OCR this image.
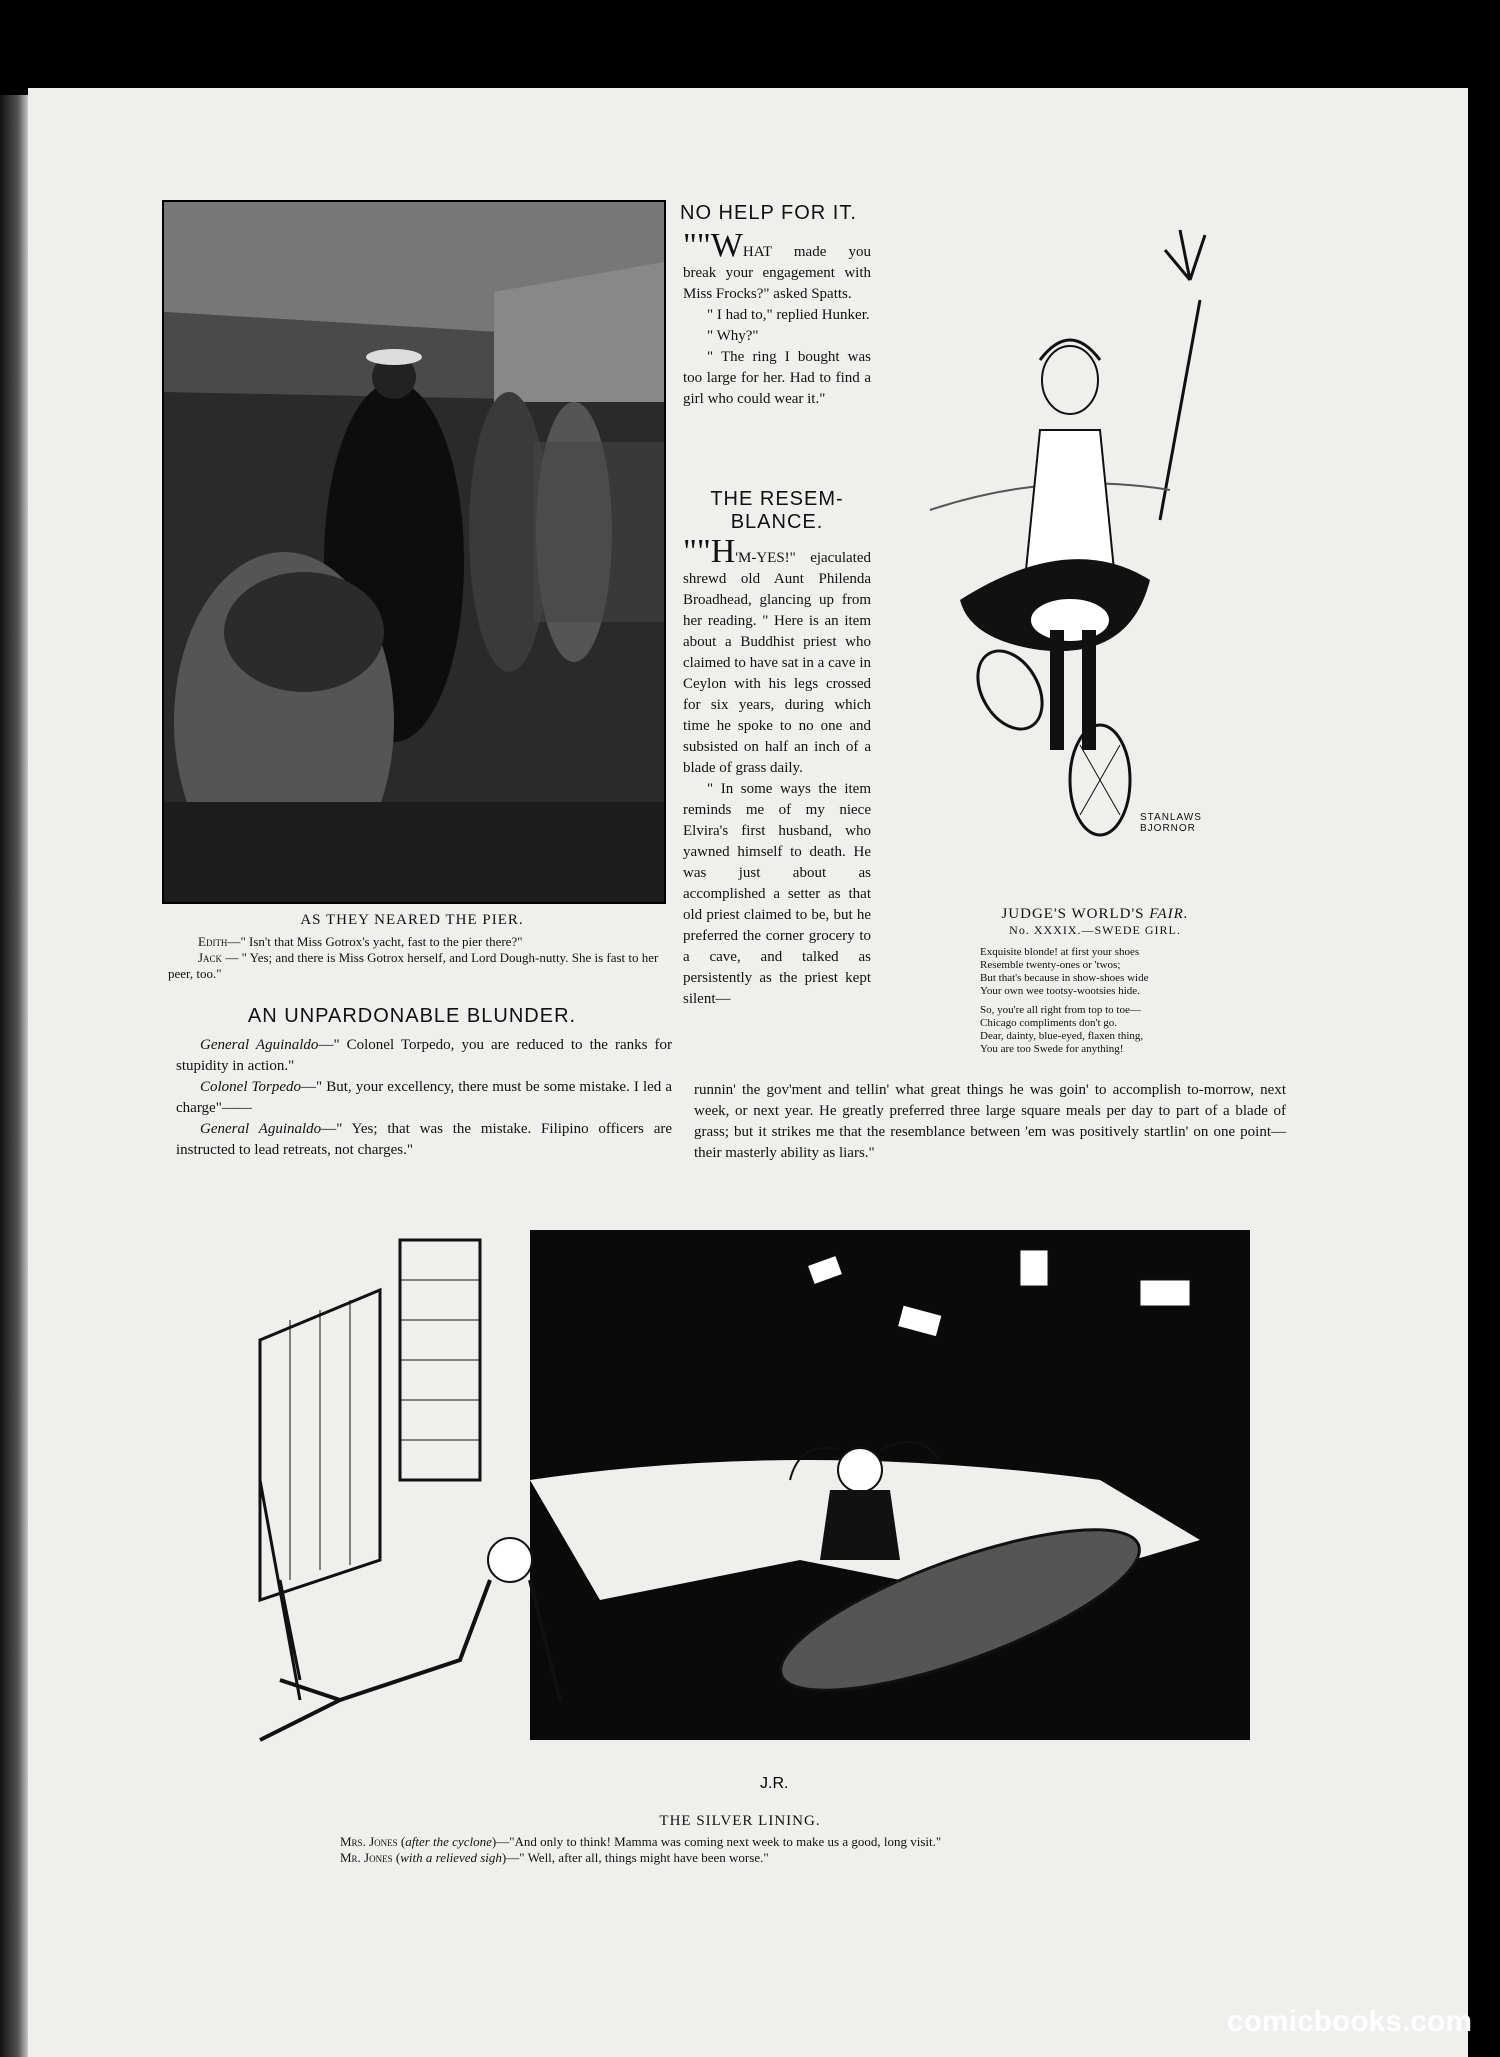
AS THEY NEARED THE PIER.
Edith—" Isn't that Miss Gotrox's yacht, fast to the pier there?"
Jack — " Yes; and there is Miss Gotrox herself, and Lord Dough-nutty. She is fast to her peer, too."
AN UNPARDONABLE BLUNDER.

General Aguinaldo—" Colonel Torpedo, you are reduced to the ranks for stupidity in action."

Colonel Torpedo—" But, your excellency, there must be some mistake. I led a charge"——

General Aguinaldo—" Yes; that was the mistake. Filipino officers are instructed to lead retreats, not charges."

NO HELP FOR IT.

""WHAT made you break your engagement with Miss Frocks?" asked Spatts.

" I had to," replied Hunker.

" Why?"

" The ring I bought was too large for her. Had to find a girl who could wear it."

THE RESEM-
BLANCE.

""H'M-YES!" ejaculated shrewd old Aunt Philenda Broadhead, glancing up from her reading. " Here is an item about a Buddhist priest who claimed to have sat in a cave in Ceylon with his legs crossed for six years, during which time he spoke to no one and subsisted on half an inch of a blade of grass daily.

" In some ways the item reminds me of my niece Elvira's first husband, who yawned himself to death. He was just about as accomplished a setter as that old priest claimed to be, but he preferred the corner grocery to a cave, and talked as persistently as the priest kept silent—

runnin' the gov'ment and tellin' what great things he was goin' to accomplish to-morrow, next week, or next year. He greatly preferred three large square meals per day to part of a blade of grass; but it strikes me that the resemblance between 'em was positively startlin' on one point—their masterly ability as liars."

STANLAWS
BJORNOR
JUDGE'S WORLD'S FAIR.
No. XXXIX.—SWEDE GIRL.
Exquisite blonde! at first your shoes
Resemble twenty-ones or 'twos;
But that's because in show-shoes wide
Your own wee tootsy-wootsies hide.
So, you're all right from top to toe—
Chicago compliments don't go.
Dear, dainty, blue-eyed, flaxen thing,
You are too Swede for anything!
J.R.
THE SILVER LINING.
Mrs. Jones (after the cyclone)—"And only to think! Mamma was coming next week to make us a good, long visit."
Mr. Jones (with a relieved sigh)—" Well, after all, things might have been worse."
comicbooks.com
